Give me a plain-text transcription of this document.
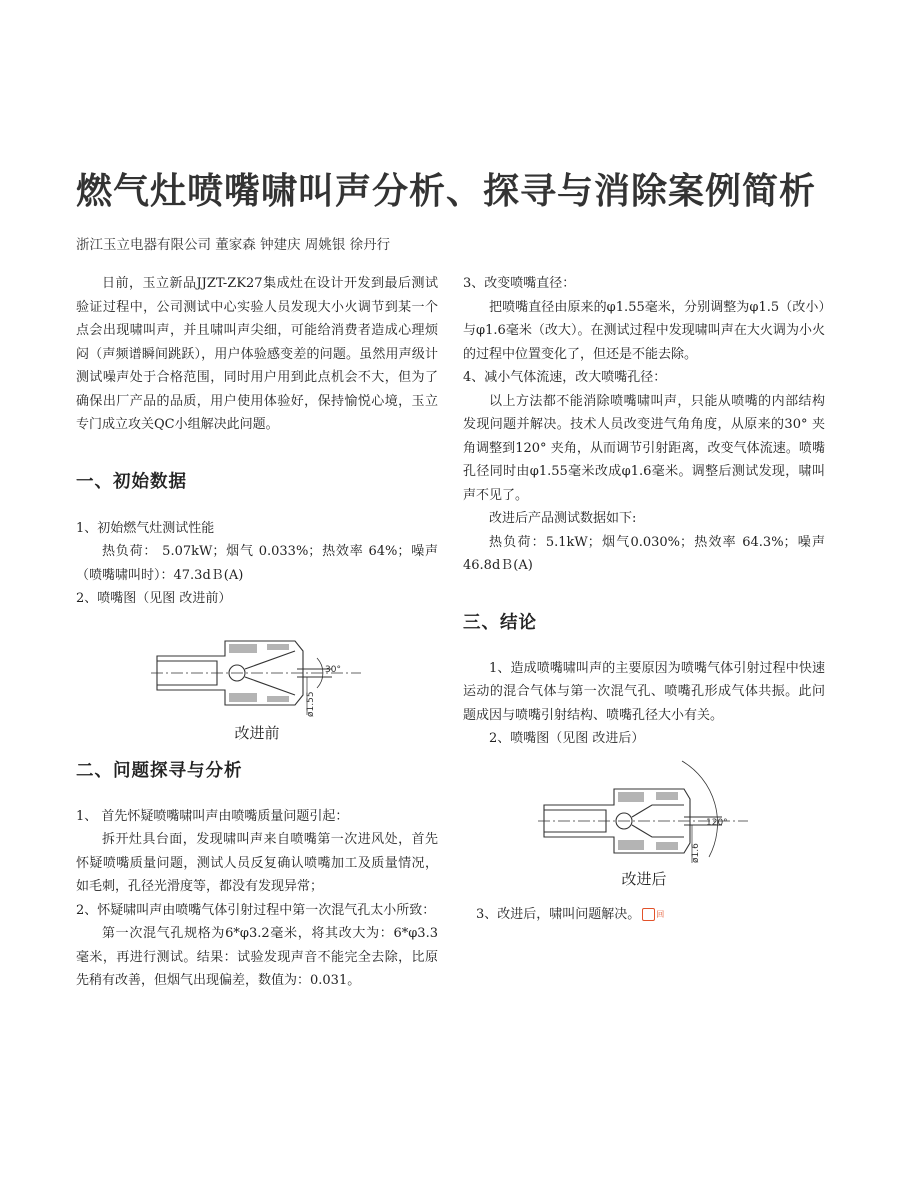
燃气灶喷嘴啸叫声分析、探寻与消除案例简析
浙江玉立电器有限公司 董家森 钟建庆 周姚银 徐丹行

日前，玉立新品JJZT-ZK27集成灶在设计开发到最后测试验证过程中，公司测试中心实验人员发现大小火调节到某一个点会出现啸叫声，并且啸叫声尖细，可能给消费者造成心理烦闷（声频谱瞬间跳跃），用户体验感变差的问题。虽然用声级计测试噪声处于合格范围，同时用户用到此点机会不大，但为了确保出厂产品的品质，用户使用体验好，保持愉悦心境，玉立专门成立攻关QC小组解决此问题。

一、初始数据

1、初始燃气灶测试性能

热负荷： 5.07kW；烟气 0.033%；热效率 64%；噪声（喷嘴啸叫时）：47.3dＢ(A)

2、喷嘴图（见图 改进前）

30°
ø1.55
改进前
二、问题探寻与分析

1、 首先怀疑喷嘴啸叫声由喷嘴质量问题引起：

拆开灶具台面，发现啸叫声来自喷嘴第一次进风处，首先怀疑喷嘴质量问题，测试人员反复确认喷嘴加工及质量情况，如毛刺，孔径光滑度等，都没有发现异常；

2、怀疑啸叫声由喷嘴气体引射过程中第一次混气孔太小所致：

第一次混气孔规格为6*φ3.2毫米，将其改大为：6*φ3.3毫米，再进行测试。结果：试验发现声音不能完全去除，比原先稍有改善，但烟气出现偏差，数值为：0.031。

3、改变喷嘴直径：

把喷嘴直径由原来的φ1.55毫米，分别调整为φ1.5（改小）与φ1.6毫米（改大）。在测试过程中发现啸叫声在大火调为小火的过程中位置变化了，但还是不能去除。

4、减小气体流速，改大喷嘴孔径：

以上方法都不能消除喷嘴啸叫声，只能从喷嘴的内部结构发现问题并解决。技术人员改变进气角角度，从原来的30° 夹角调整到120° 夹角，从而调节引射距离，改变气体流速。喷嘴孔径同时由φ1.55毫米改成φ1.6毫米。调整后测试发现，啸叫声不见了。

改进后产品测试数据如下:

热负荷：5.1kW；烟气0.030%；热效率 64.3%；噪声46.8dＢ(A)

三、结论

1、造成喷嘴啸叫声的主要原因为喷嘴气体引射过程中快速运动的混合气体与第一次混气孔、喷嘴孔形成气体共振。此问题成因与喷嘴引射结构、喷嘴孔径大小有关。

2、喷嘴图（见图 改进后）

120°
ø1.6
改进后

3、改进后，啸叫问题解决。 回
